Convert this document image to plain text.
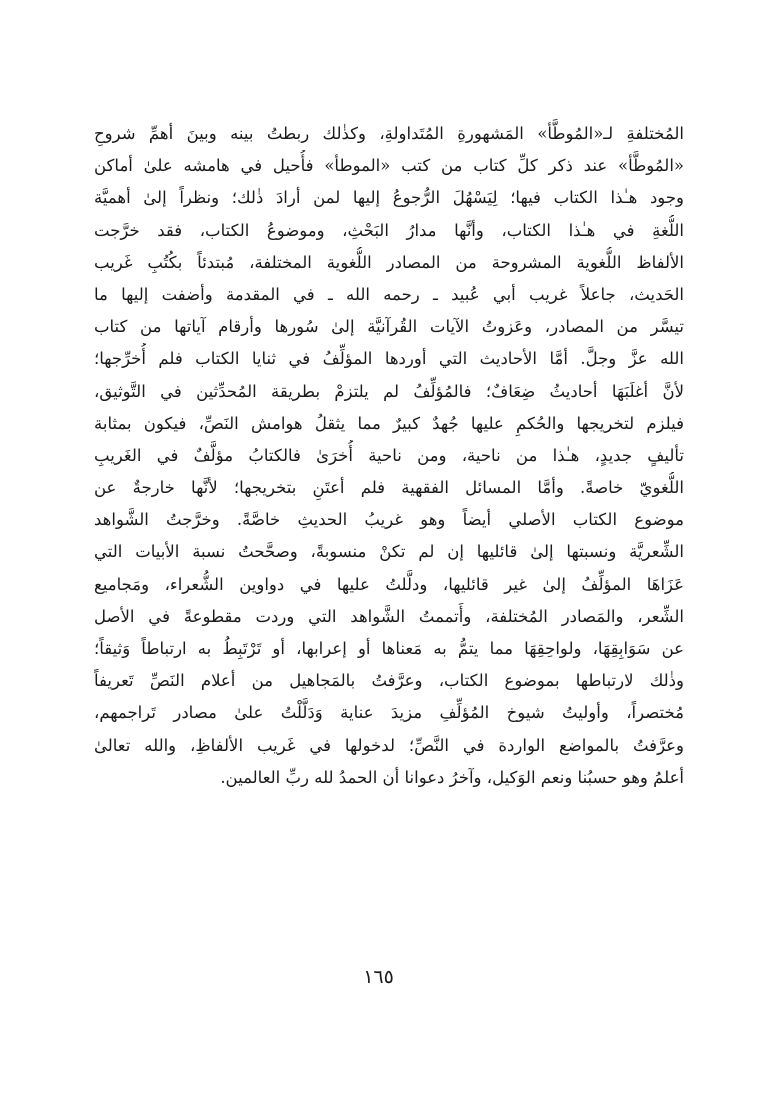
المُختلفةِ لـ«المُوطَّأ» المَشهورةِ المُتَداولةِ، وكذٰلك ربطتُ بينه وبينَ أهمِّ شروحِ
«المُوطَّأ» عند ذكر كلِّ كتاب من كتب «الموطأ» فأُحيل في هامشه علىٰ أماكن
وجود هـٰذا الكتاب فيها؛ لِيَسْهُلَ الرُّجوعُ إليها لمن أرادَ ذٰلك؛ ونظراً إلىٰ أهميَّة
اللُّغةِ في هـٰذا الكتاب، وأنَّها مدارُ البَحْثِ، وموضوعُ الكتاب، فقد خرَّجت
الألفاظ اللُّغوية المشروحة من المصادر اللُّغوية المختلفة، مُبتدئاً بكُتُبِ غَريب
الحَديث، جاعلاً غريب أبي عُبيد ـ رحمه الله ـ في المقدمة وأضفت إليها ما
تيسَّر من المصادر، وعَزوتُ الآيات القُرآنيَّة إلىٰ سُورها وأرقام آياتها من كتاب
الله عزَّ وجلَّ. أمَّا الأحاديث التي أوردها المؤلِّفُ في ثنايا الكتاب فلم أُخرِّجها؛
لأنَّ أغلَبَهَا أحاديثُ ضِعَافٌ؛ فالمُؤلِّفُ لم يلتزمْ بطريقة المُحدِّثين في التَّوثيق،
فيلزم لتخريجها والحُكمِ عليها جُهدٌ كبيرٌ مما يثقلُ هوامش النَصِّ، فيكون بمثابة
تأليفٍ جديدٍ، هـٰذا من ناحية، ومن ناحية أُخرَىٰ فالكتابُ مؤلَّفٌ في الغَريبِ
اللُّغويّ خاصةً. وأمَّا المسائل الفقهية فلم أعتَنِ بتخريجها؛ لأنَّها خارجةٌ عن
موضوع الكتاب الأصلي أيضاً وهو غريبُ الحديثِ خاصَّةً. وخرَّجتُ الشَّواهد
الشِّعريَّة ونسبتها إلىٰ قائليها إن لم تكنْ منسوبةً، وصحَّحتُ نسبة الأبيات التي
عَزَاهَا المؤلِّفُ إلىٰ غير قائليها، ودلَّلتُ عليها في دواوين الشُّعراء، ومَجاميع
الشِّعر، والمَصادر المُختلفة، وأَتممتُ الشَّواهد التي وردت مقطوعةً في الأصل
عن سَوَابِقِهَا، ولواحِقِهَا مما يتمُّ به مَعناها أو إعرابها، أو تَرْتَبِطُ به ارتباطاً وَثيقاً؛
وذٰلك لارتباطها بموضوع الكتاب، وعرَّفتُ بالمَجاهيل من أعلام النَصِّ تَعريفاً
مُختصراً، وأوليتُ شيوخ المُؤلِّفِ مزيدَ عناية وَدَلَّلْتُ علىٰ مصادر تَراجمهم،
وعرَّفتُ بالمواضع الواردة في النَّصِّ؛ لدخولها في غَريب الألفاظِ، والله تعالىٰ
أعلمُ وهو حسبُنا ونعم الوَكيل، وآخرُ دعوانا أن الحمدُ لله ربِّ العالمين.
١٦٥
